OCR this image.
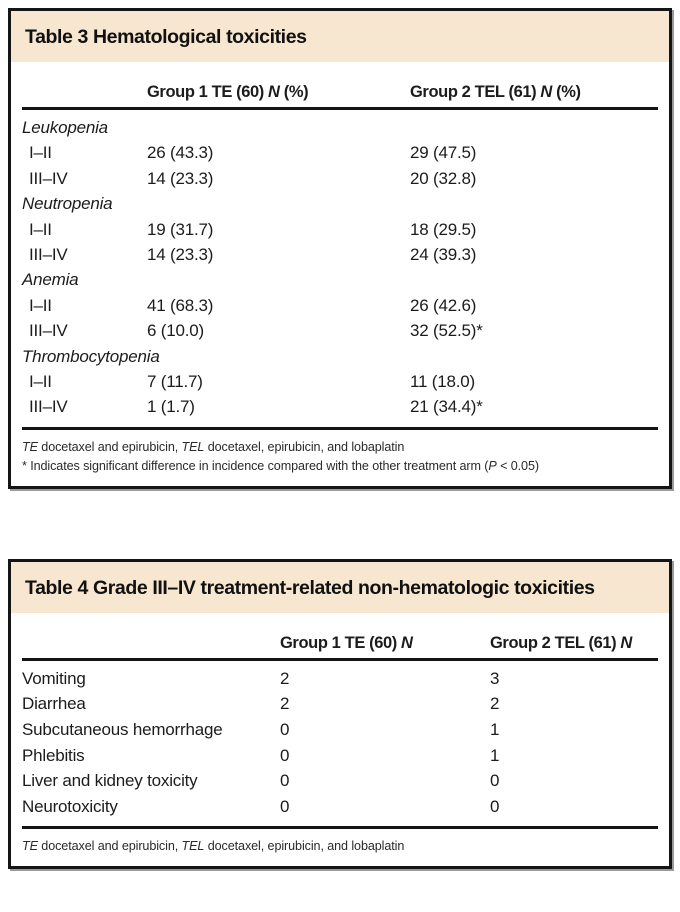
Table 3 Hematological toxicities
Group 1 TE (60) N (%)	Group 2 TEL (61) N (%)
Leukopenia
I–II	26 (43.3)	29 (47.5)
III–IV	14 (23.3)	20 (32.8)
Neutropenia
I–II	19 (31.7)	18 (29.5)
III–IV	14 (23.3)	24 (39.3)
Anemia
I–II	41 (68.3)	26 (42.6)
III–IV	6 (10.0)	32 (52.5)*
Thrombocytopenia
I–II	7 (11.7)	11 (18.0)
III–IV	1 (1.7)	21 (34.4)*

TE docetaxel and epirubicin, TEL docetaxel, epirubicin, and lobaplatin

* Indicates significant difference in incidence compared with the other treatment arm (P < 0.05)

Table 4 Grade III–IV treatment-related non-hematologic toxicities
Group 1 TE (60) N	Group 2 TEL (61) N
Vomiting	2	3
Diarrhea	2	2
Subcutaneous hemorrhage	0	1
Phlebitis	0	1
Liver and kidney toxicity	0	0
Neurotoxicity	0	0

TE docetaxel and epirubicin, TEL docetaxel, epirubicin, and lobaplatin
